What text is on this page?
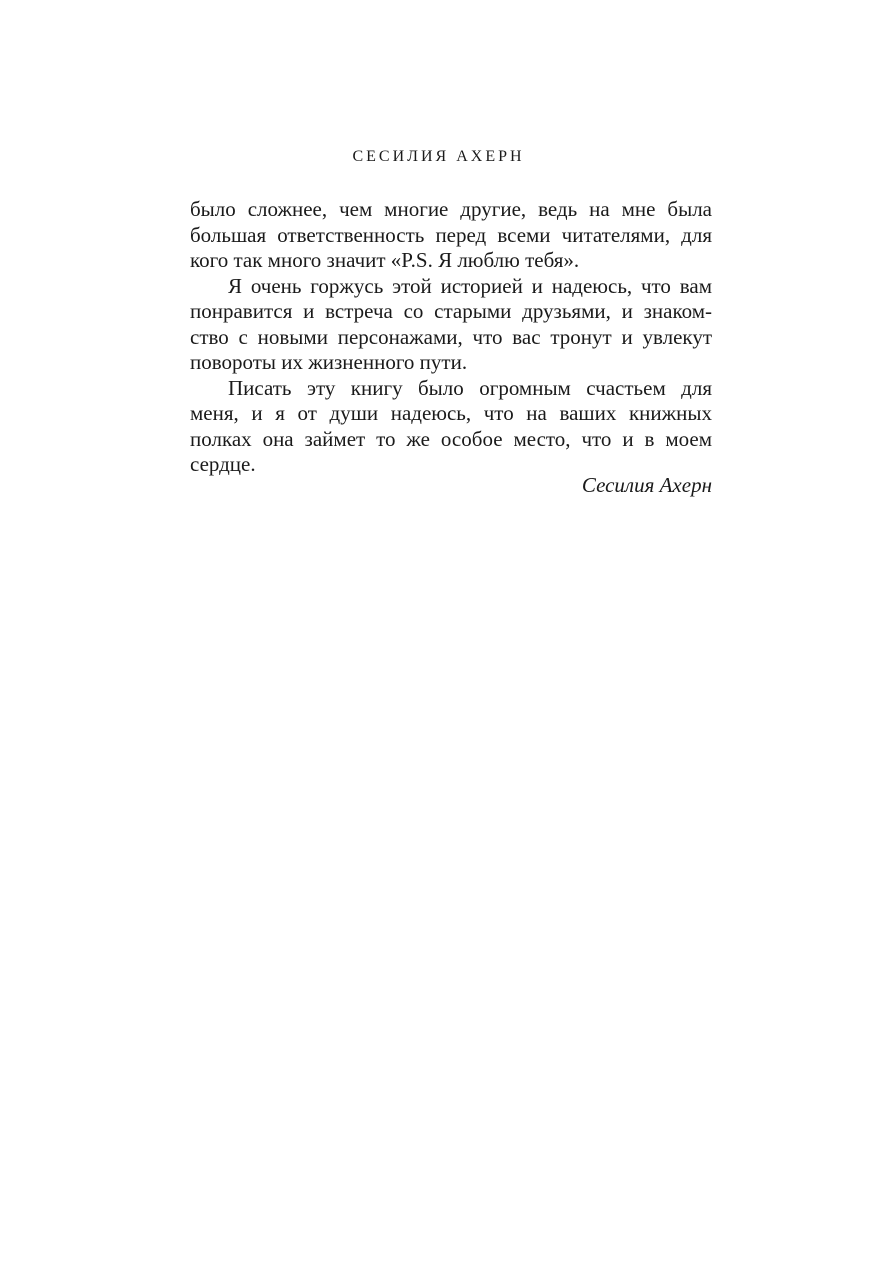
СЕСИЛИЯ АХЕРН
было сложнее, чем многие другие, ведь на мне была
большая ответственность перед всеми читателями, для
кого так много значит «P.S. Я люблю тебя».
Я очень горжусь этой историей и надеюсь, что вам
понравится и встреча со старыми друзьями, и знаком-
ство с новыми персонажами, что вас тронут и увлекут
повороты их жизненного пути.
Писать эту книгу было огромным счастьем для
меня, и я от души надеюсь, что на ваших книжных
полках она займет то же особое место, что и в моем
сердце.
Сесилия Ахерн
